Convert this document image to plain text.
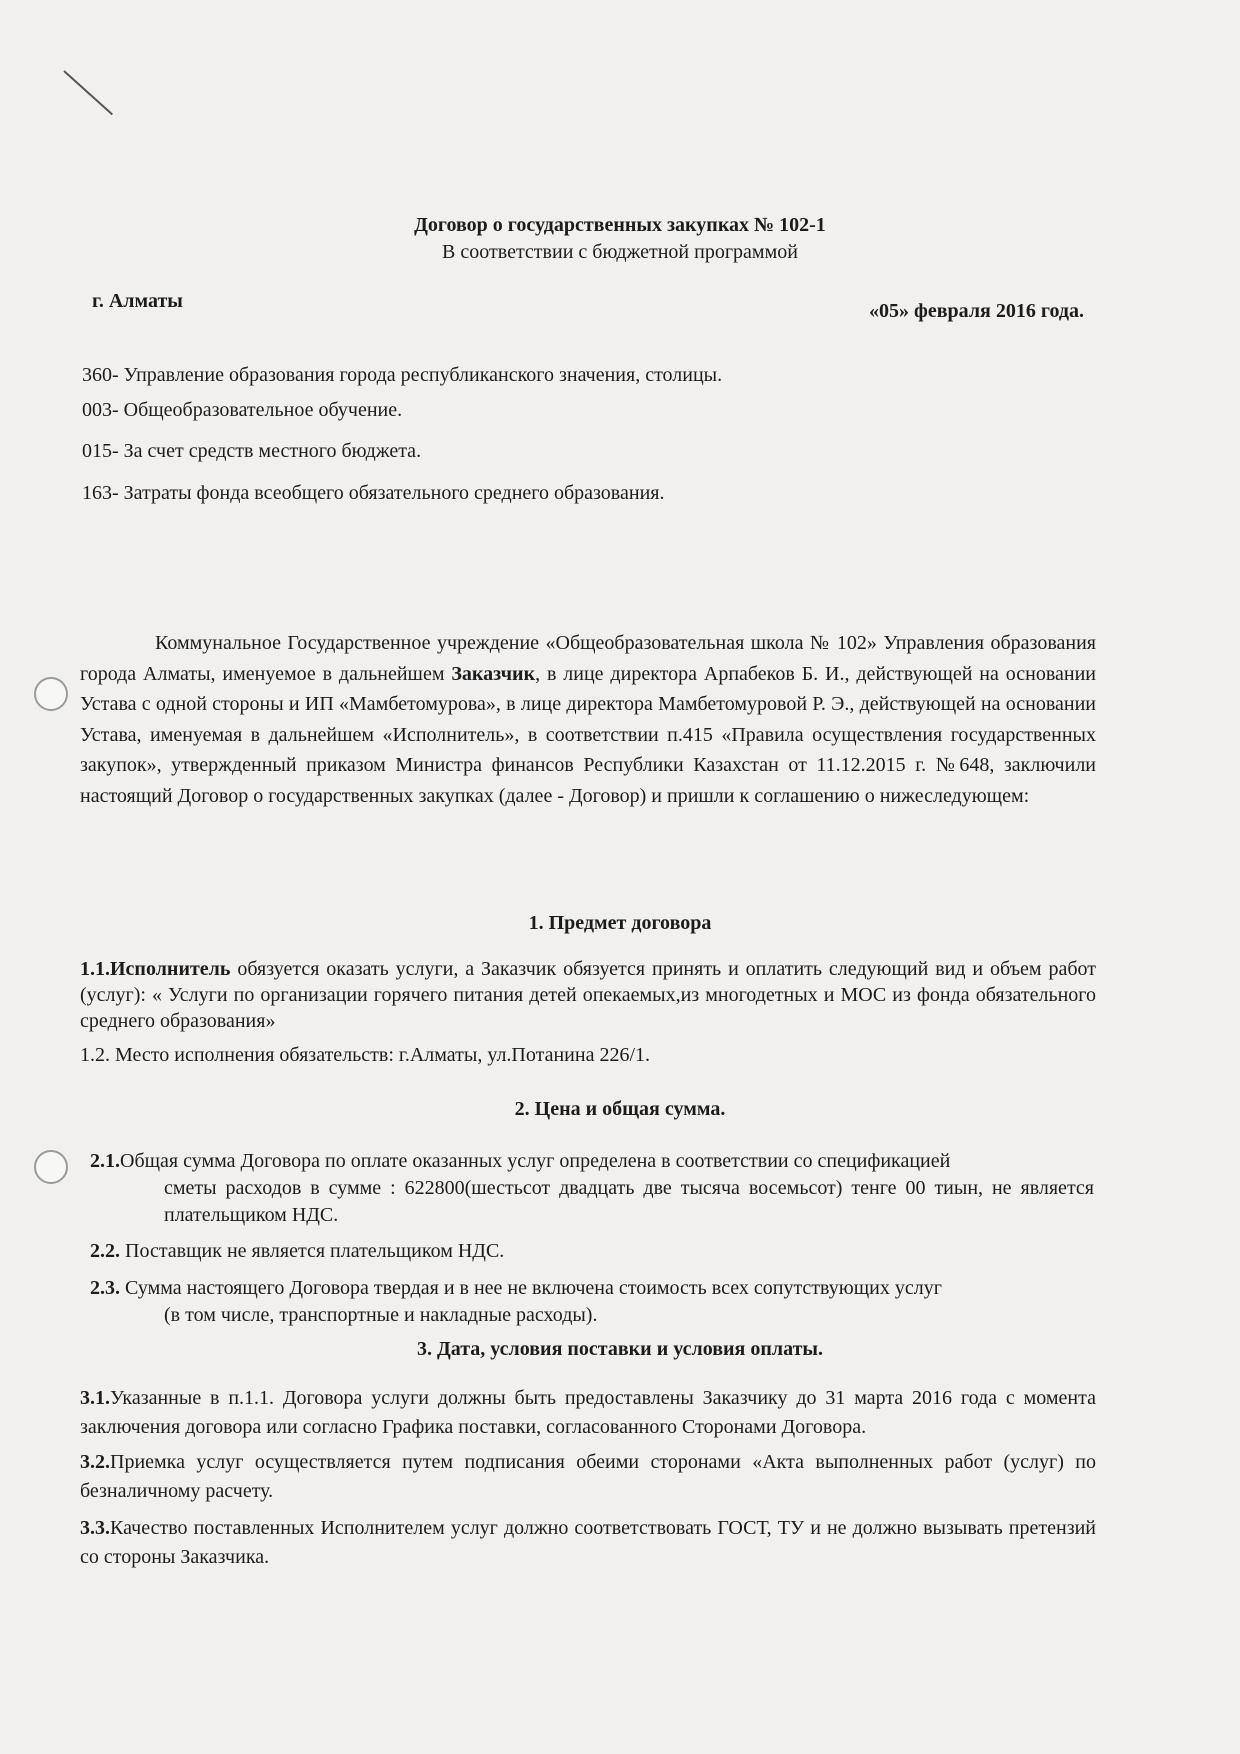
Договор о государственных закупках № 102-1
В соответствии с бюджетной программой
г. Алматы	«05» февраля 2016 года.
360- Управление образования города республиканского значения, столицы.
003- Общеобразовательное обучение.
015- За счет средств местного бюджета.
163- Затраты фонда всеобщего обязательного среднего образования.
Коммунальное Государственное учреждение «Общеобразовательная школа № 102» Управления образования города Алматы, именуемое в дальнейшем Заказчик, в лице директора Арпабеков Б. И., действующей на основании Устава с одной стороны и ИП «Мамбетомурова», в лице директора Мамбетомуровой Р. Э., действующей на основании Устава, именуемая в дальнейшем «Исполнитель», в соответствии п.415 «Правила осуществления государственных закупок», утвержденный приказом Министра финансов Республики Казахстан от 11.12.2015 г. №648, заключили настоящий Договор о государственных закупках (далее - Договор) и пришли к соглашению о нижеследующем:
1. Предмет договора
1.1.Исполнитель обязуется оказать услуги, а Заказчик обязуется принять и оплатить следующий вид и объем работ (услуг): « Услуги по организации горячего питания детей опекаемых,из многодетных и МОС из фонда обязательного среднего образования»
1.2. Место исполнения обязательств: г.Алматы, ул.Потанина 226/1.
2. Цена и общая сумма.
2.1.Общая сумма Договора по оплате оказанных услуг определена в соответствии со спецификацией
сметы расходов в сумме : 622800(шестьсот двадцать две тысяча восемьсот) тенге 00 тиын, не является плательщиком НДС.
2.2. Поставщик не является плательщиком НДС.
2.3. Сумма настоящего Договора твердая и в нее не включена стоимость всех сопутствующих услуг
(в том числе, транспортные и накладные расходы).
3. Дата, условия поставки и условия оплаты.
3.1.Указанные в п.1.1. Договора услуги должны быть предоставлены Заказчику до 31 марта 2016 года с момента заключения договора или согласно Графика поставки, согласованного Сторонами Договора.
3.2.Приемка услуг осуществляется путем подписания обеими сторонами «Акта выполненных работ (услуг) по безналичному расчету.
3.3.Качество поставленных Исполнителем услуг должно соответствовать ГОСТ, ТУ и не должно вызывать претензий со стороны Заказчика.
